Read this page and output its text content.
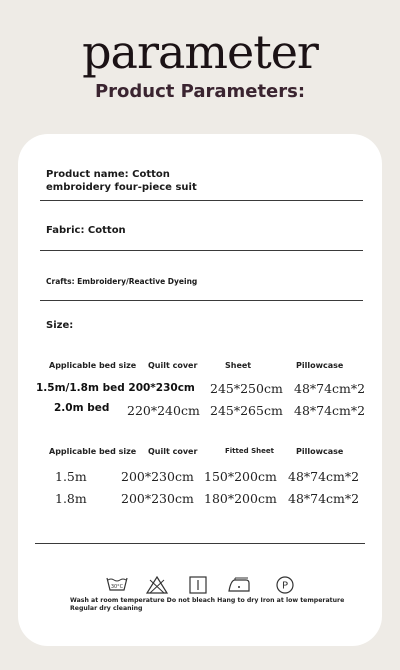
parameter
Product Parameters:
Product name: Cotton
embroidery four-piece suit
Fabric: Cotton
Crafts: Embroidery/Reactive Dyeing
Size:
Applicable bed size Quilt cover	Sheet	Pillowcase
1.5m/1.8m bed 200*230cm 245*250cm 48*74cm*2
2.0m bed 220*240cm 245*265cm 48*74cm*2
Applicable bed size Quilt cover	Fitted Sheet	Pillowcase
1.5m	200*230cm 150*200cm 48*74cm*2
1.8m	200*230cm 180*200cm 48*74cm*2
30°C	P
Wash at room temperature Do not bleach Hang to dry Iron at low temperature
Regular dry cleaning
